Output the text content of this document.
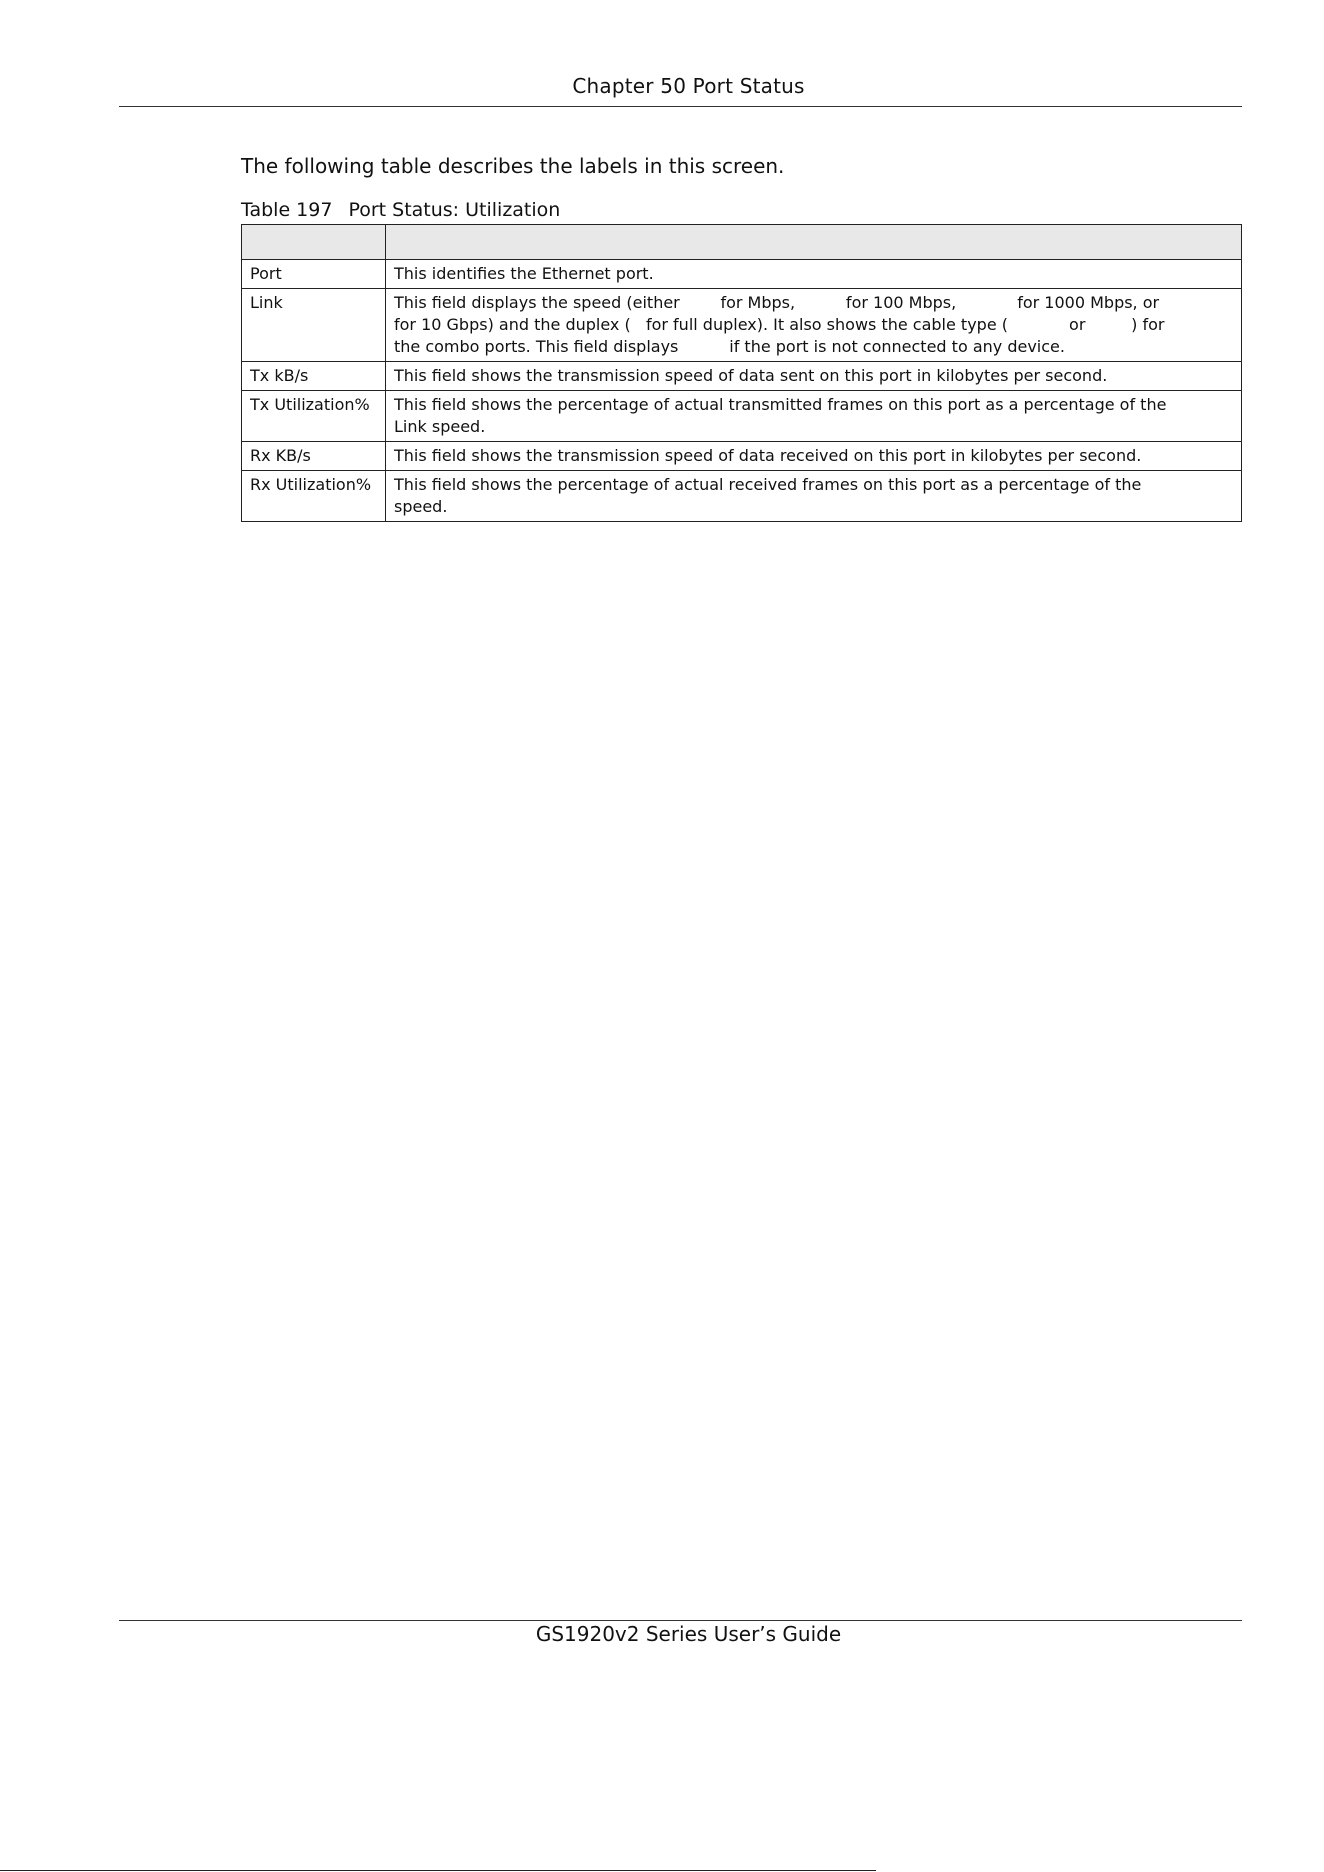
Chapter 50 Port Status
The following table describes the labels in this screen.
Table 197 Port Status: Utilization

Port	This identifies the Ethernet port.

Link	This field displays the speed (either        for Mbps,          for 100 Mbps,            for 1000 Mbps, or
for 10 Gbps) and the duplex (   for full duplex). It also shows the cable type (            or         ) for
the combo ports. This field displays          if the port is not connected to any device.

Tx kB/s	This field shows the transmission speed of data sent on this port in kilobytes per second.

Tx Utilization%	This field shows the percentage of actual transmitted frames on this port as a percentage of the
Link speed.

Rx KB/s	This field shows the transmission speed of data received on this port in kilobytes per second.

Rx Utilization%	This field shows the percentage of actual received frames on this port as a percentage of the
speed.
GS1920v2 Series User’s Guide
